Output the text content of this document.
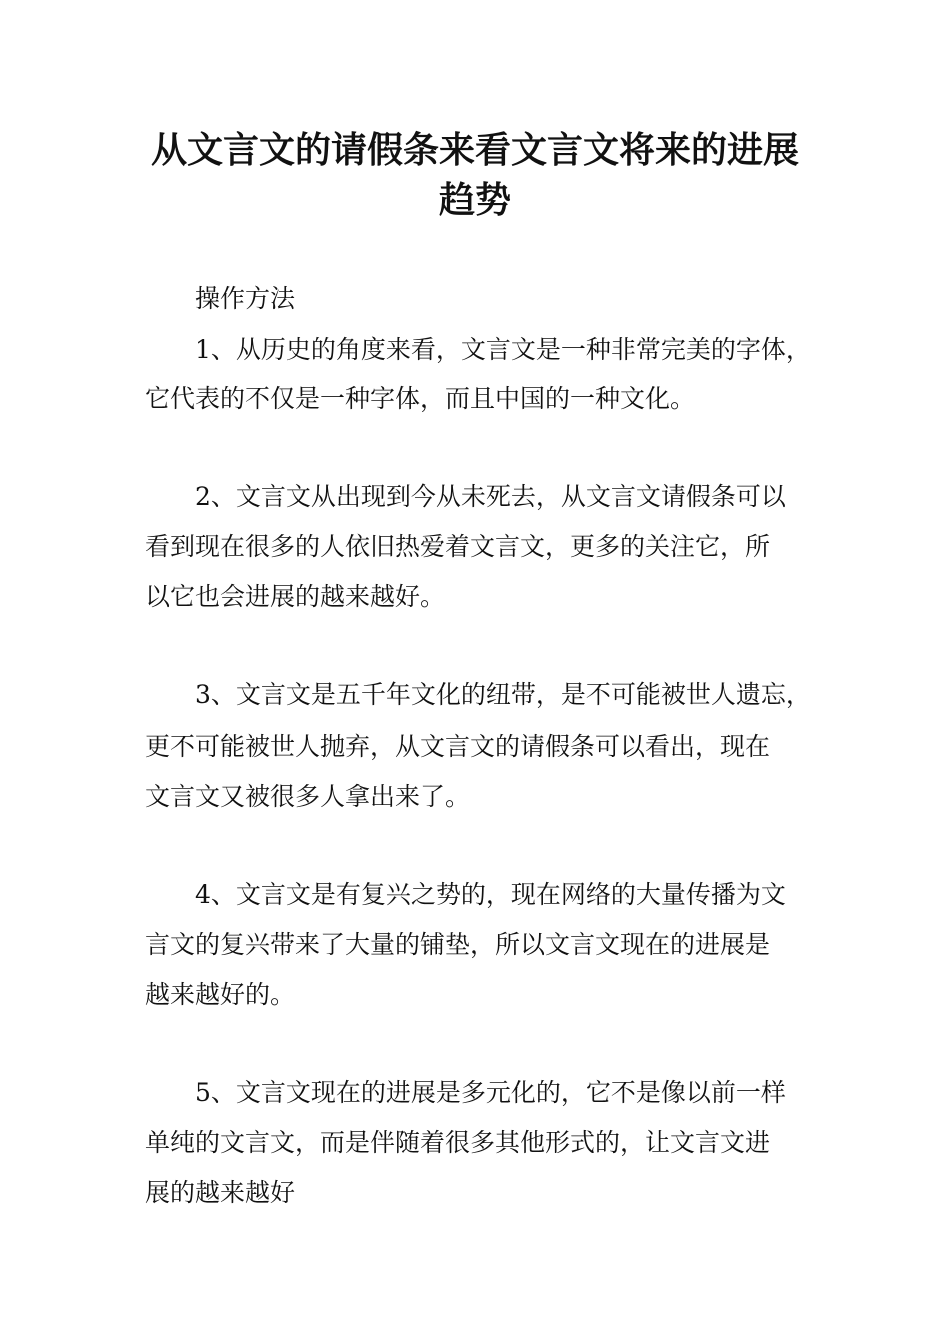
从文言文的请假条来看文言文将来的进展
趋势
操作方法
1、从历史的角度来看，文言文是一种非常完美的字体，
它代表的不仅是一种字体，而且中国的一种文化。
2、文言文从出现到今从未死去，从文言文请假条可以
看到现在很多的人依旧热爱着文言文，更多的关注它，所
以它也会进展的越来越好。
3、文言文是五千年文化的纽带，是不可能被世人遗忘，
更不可能被世人抛弃，从文言文的请假条可以看出，现在
文言文又被很多人拿出来了。
4、文言文是有复兴之势的，现在网络的大量传播为文
言文的复兴带来了大量的铺垫，所以文言文现在的进展是
越来越好的。
5、文言文现在的进展是多元化的，它不是像以前一样
单纯的文言文，而是伴随着很多其他形式的，让文言文进
展的越来越好
